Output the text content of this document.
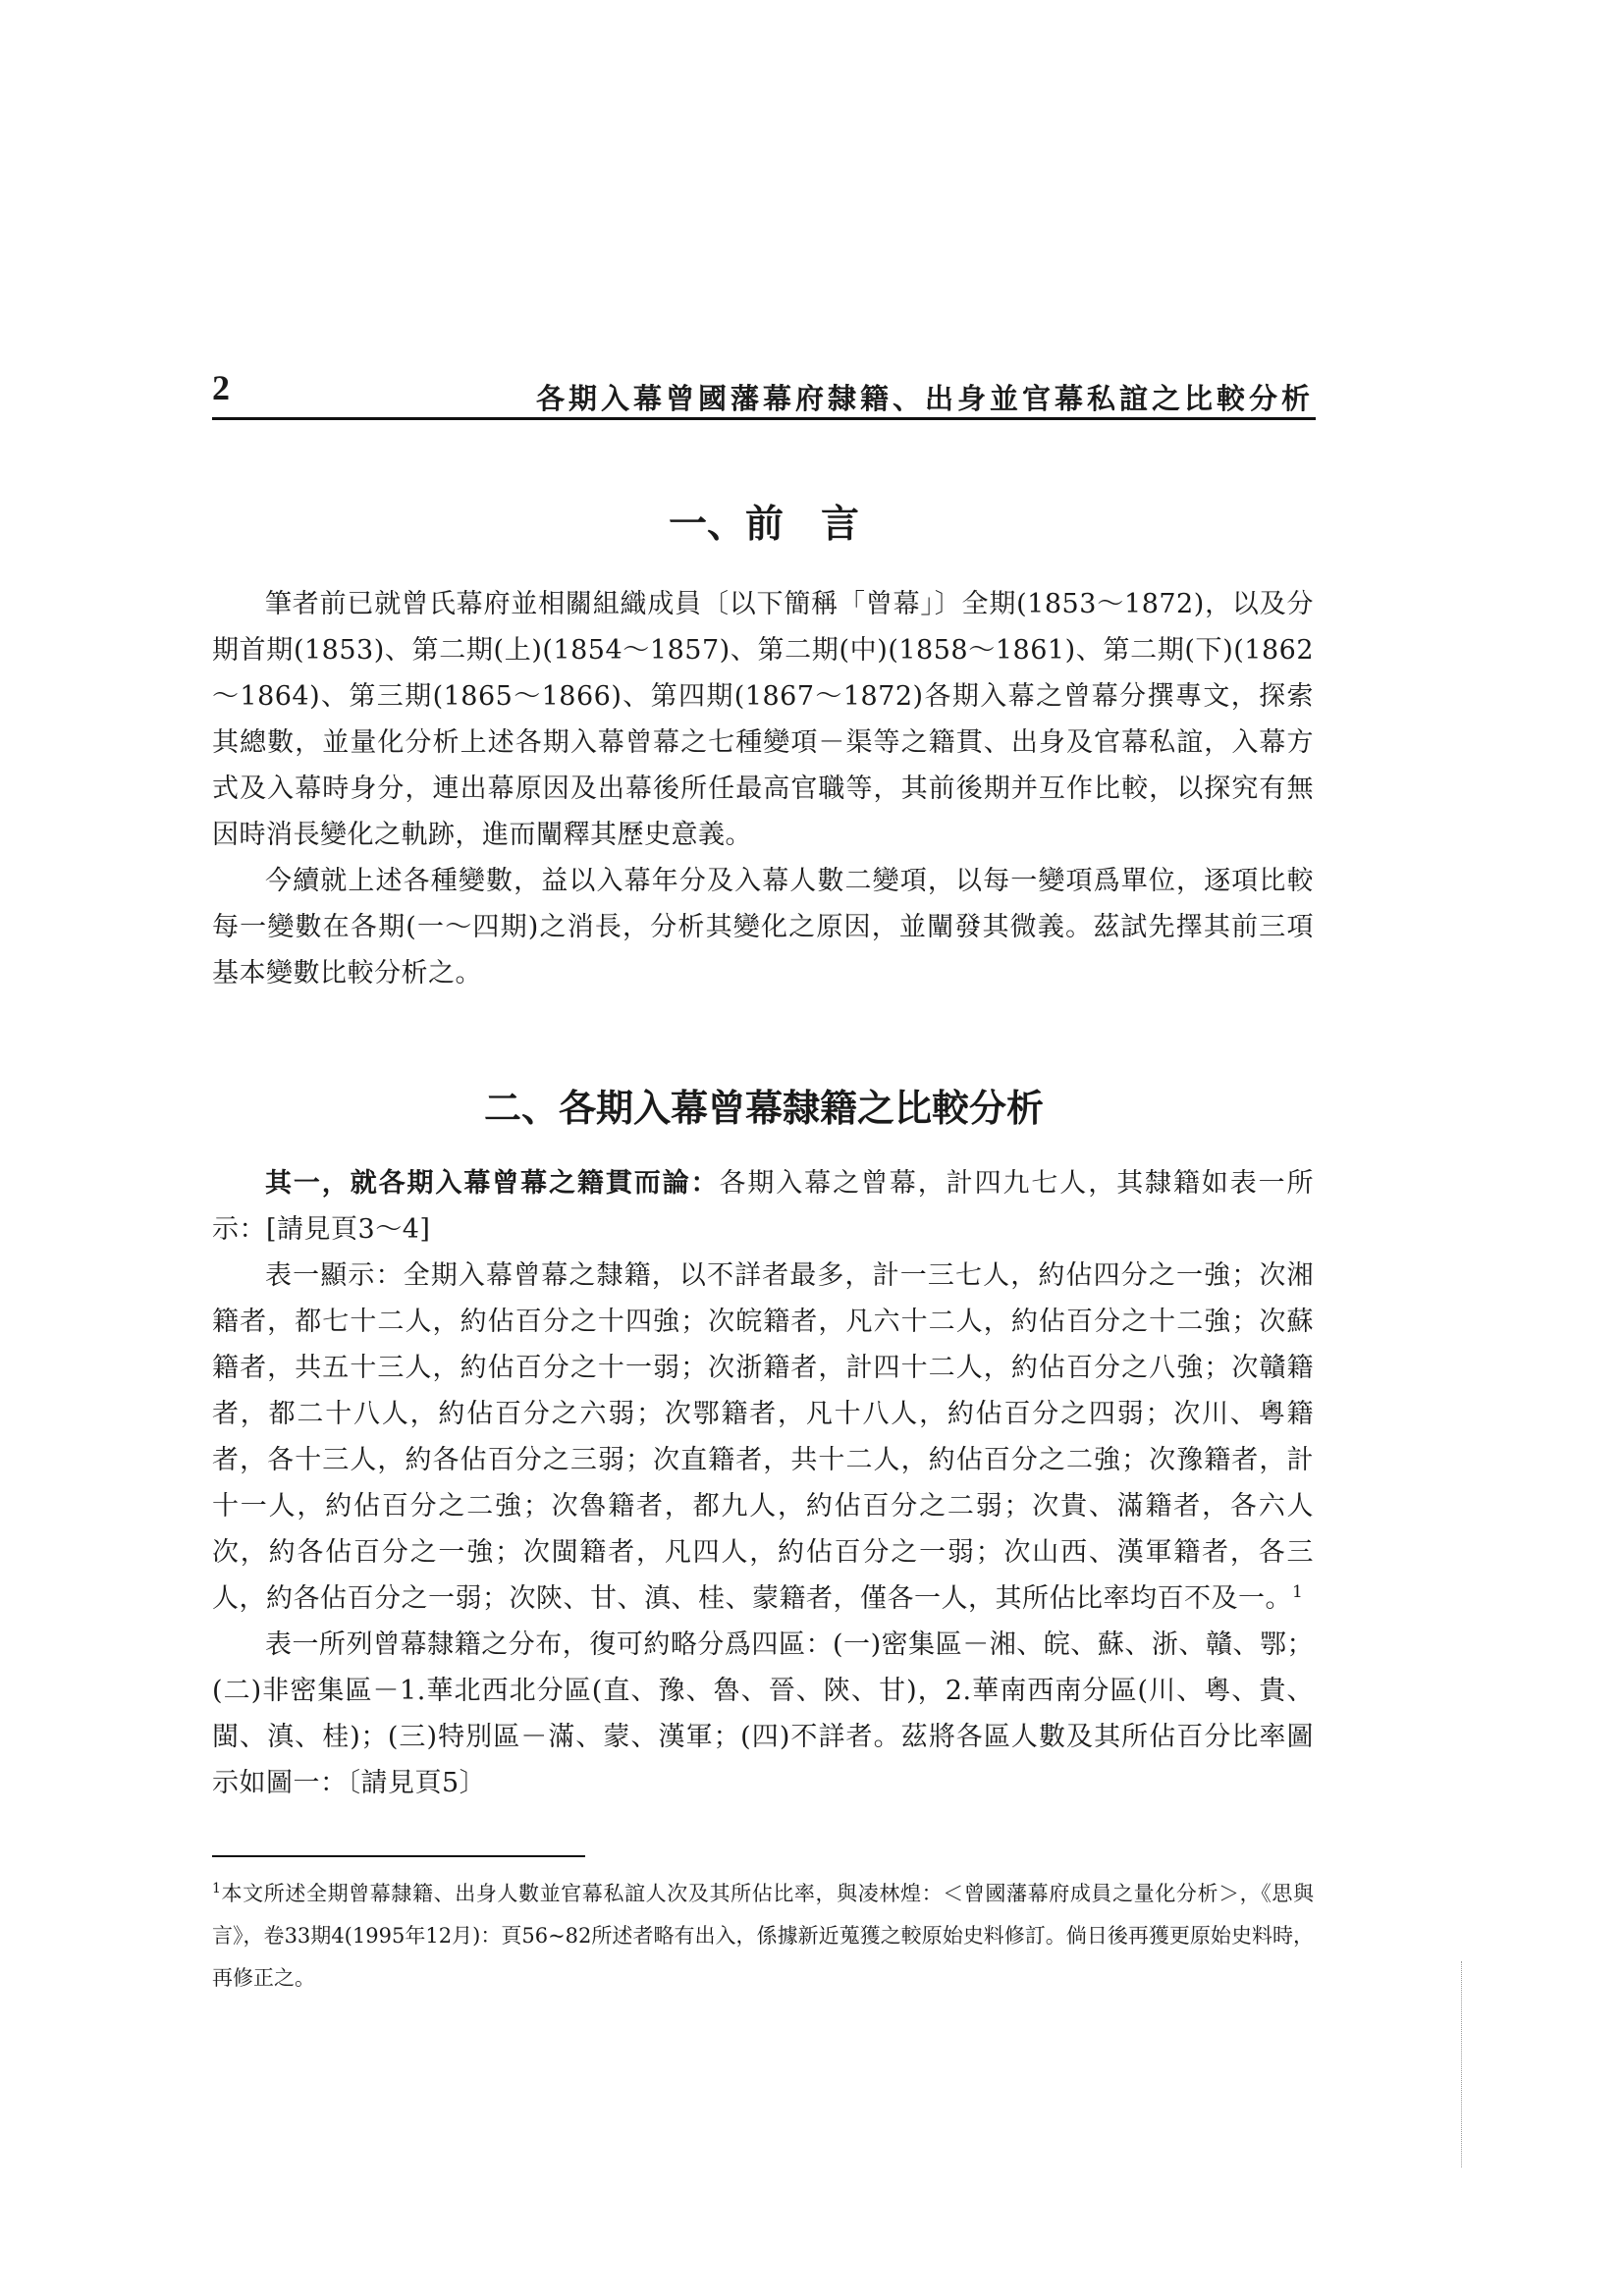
2	各期入幕曾國藩幕府隸籍、出身並官幕私誼之比較分析
一、前 言

筆者前已就曾氏幕府並相關組織成員〔以下簡稱「曾幕」〕全期(1853～1872)，以及分期首期(1853)、第二期(上)(1854～1857)、第二期(中)(1858～1861)、第二期(下)(1862～1864)、第三期(1865～1866)、第四期(1867～1872)各期入幕之曾幕分撰專文，探索其總數，並量化分析上述各期入幕曾幕之七種變項－渠等之籍貫、出身及官幕私誼，入幕方式及入幕時身分，連出幕原因及出幕後所任最高官職等，其前後期并互作比較，以探究有無因時消長變化之軌跡，進而闡釋其歷史意義。

今續就上述各種變數，益以入幕年分及入幕人數二變項，以每一變項爲單位，逐項比較每一變數在各期(一～四期)之消長，分析其變化之原因，並闡發其微義。茲試先擇其前三項基本變數比較分析之。

二、各期入幕曾幕隸籍之比較分析

其一，就各期入幕曾幕之籍貫而論：各期入幕之曾幕，計四九七人，其隸籍如表一所示：[請見頁3～4]

表一顯示：全期入幕曾幕之隸籍，以不詳者最多，計一三七人，約佔四分之一強；次湘籍者，都七十二人，約佔百分之十四強；次皖籍者，凡六十二人，約佔百分之十二強；次蘇籍者，共五十三人，約佔百分之十一弱；次浙籍者，計四十二人，約佔百分之八強；次贛籍者，都二十八人，約佔百分之六弱；次鄂籍者，凡十八人，約佔百分之四弱；次川、粵籍者，各十三人，約各佔百分之三弱；次直籍者，共十二人，約佔百分之二強；次豫籍者，計十一人，約佔百分之二強；次魯籍者，都九人，約佔百分之二弱；次貴、滿籍者，各六人次，約各佔百分之一強；次閩籍者，凡四人，約佔百分之一弱；次山西、漢軍籍者，各三人，約各佔百分之一弱；次陝、甘、滇、桂、蒙籍者，僅各一人，其所佔比率均百不及一。$^1$

表一所列曾幕隸籍之分布，復可約略分爲四區：(一)密集區－湘、皖、蘇、浙、贛、鄂；(二)非密集區－1.華北西北分區(直、豫、魯、晉、陝、甘)，2.華南西南分區(川、粵、貴、閩、滇、桂)；(三)特別區－滿、蒙、漢軍；(四)不詳者。茲將各區人數及其所佔百分比率圖示如圖一：〔請見頁5〕

$^1$本文所述全期曾幕隸籍、出身人數並官幕私誼人次及其所佔比率，與凌林煌：＜曾國藩幕府成員之量化分析＞，《思與言》，卷33期4(1995年12月)：頁56~82所述者略有出入，係據新近蒐獲之較原始史料修訂。倘日後再獲更原始史料時，再修正之。
